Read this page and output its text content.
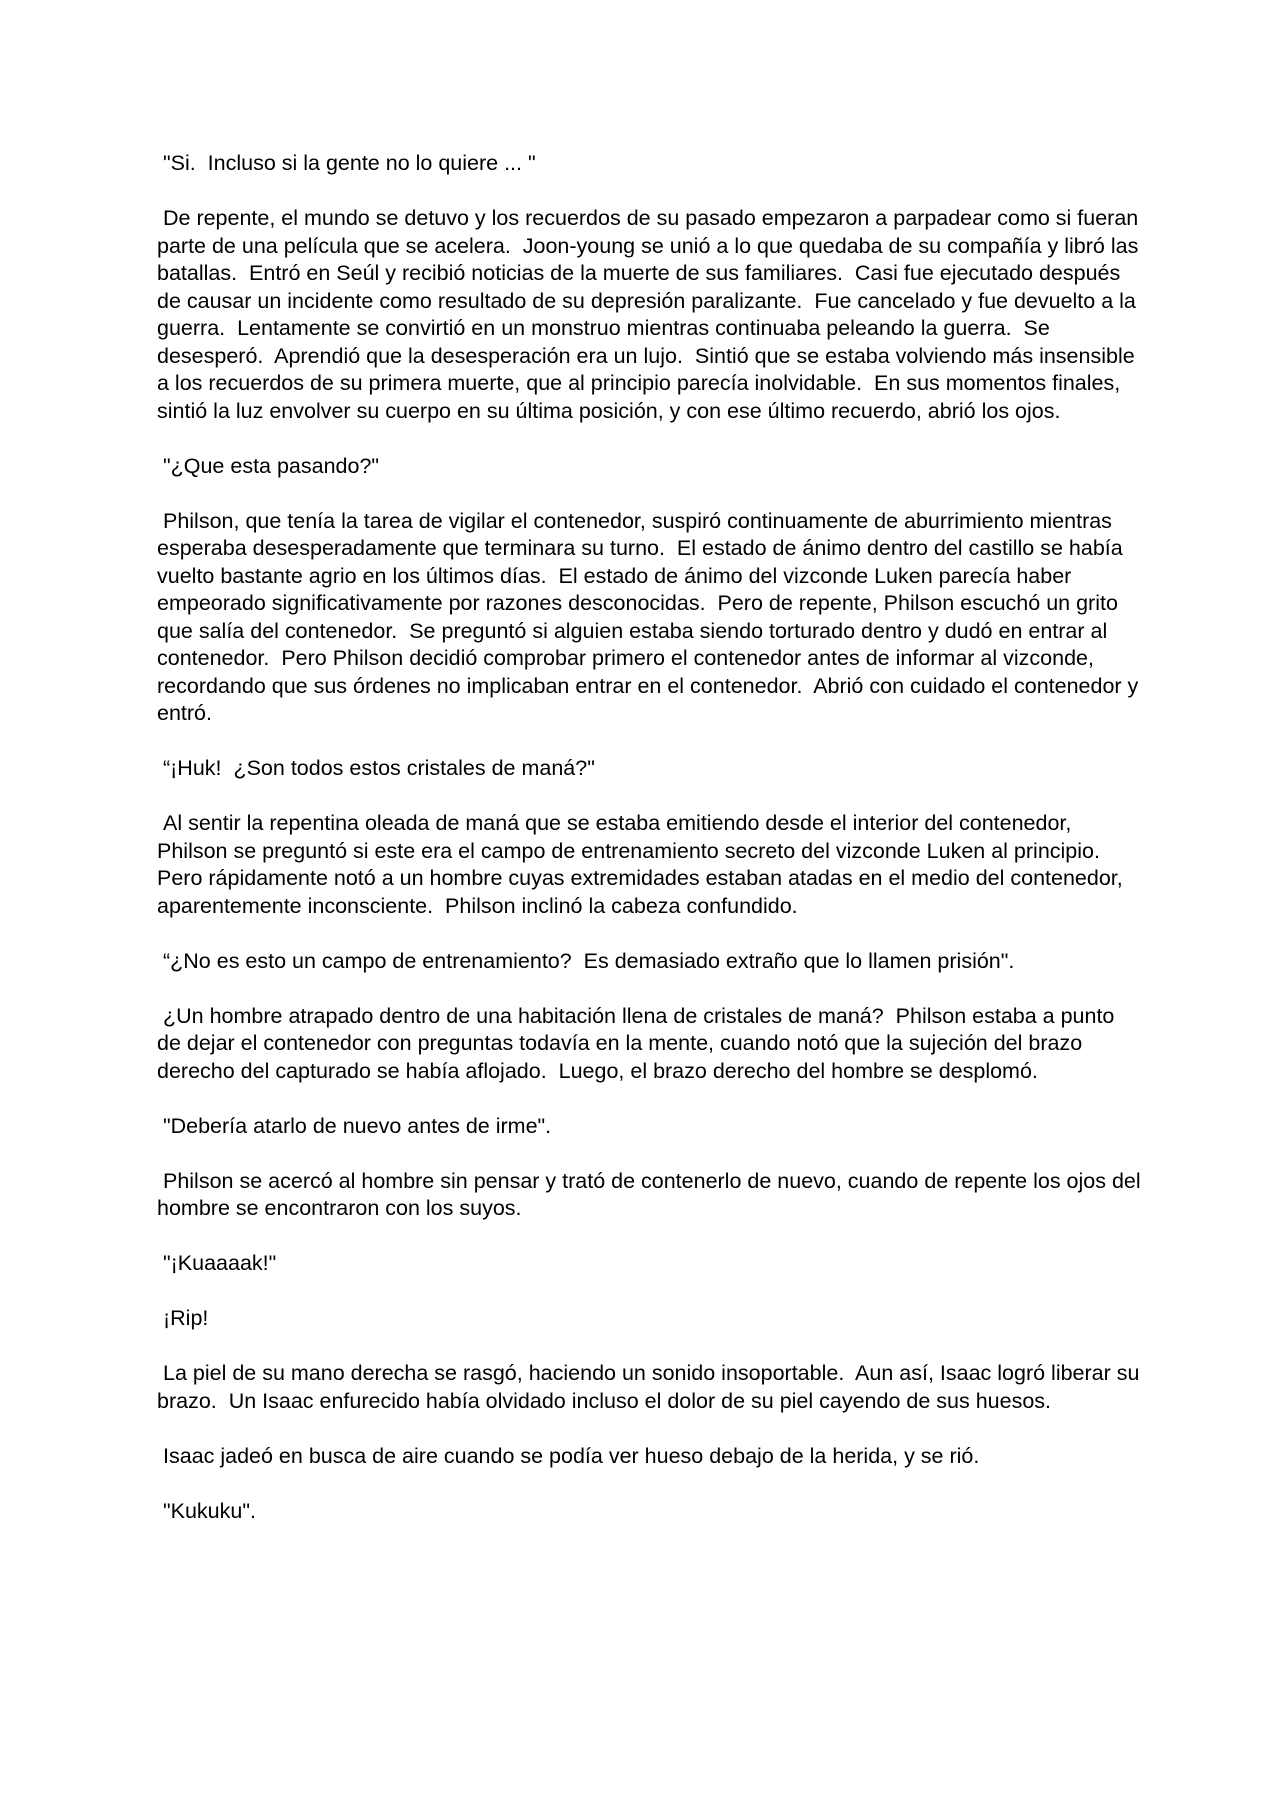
"Si.  Incluso si la gente no lo quiere ... "

De repente, el mundo se detuvo y los recuerdos de su pasado empezaron a parpadear como si fueran parte de una película que se acelera.  Joon-young se unió a lo que quedaba de su compañía y libró las batallas.  Entró en Seúl y recibió noticias de la muerte de sus familiares.  Casi fue ejecutado después de causar un incidente como resultado de su depresión paralizante.  Fue cancelado y fue devuelto a la guerra.  Lentamente se convirtió en un monstruo mientras continuaba peleando la guerra.  Se desesperó.  Aprendió que la desesperación era un lujo.  Sintió que se estaba volviendo más insensible a los recuerdos de su primera muerte, que al principio parecía inolvidable.  En sus momentos finales, sintió la luz envolver su cuerpo en su última posición, y con ese último recuerdo, abrió los ojos.

"¿Que esta pasando?"

Philson, que tenía la tarea de vigilar el contenedor, suspiró continuamente de aburrimiento mientras esperaba desesperadamente que terminara su turno.  El estado de ánimo dentro del castillo se había vuelto bastante agrio en los últimos días.  El estado de ánimo del vizconde Luken parecía haber empeorado significativamente por razones desconocidas.  Pero de repente, Philson escuchó un grito que salía del contenedor.  Se preguntó si alguien estaba siendo torturado dentro y dudó en entrar al contenedor.  Pero Philson decidió comprobar primero el contenedor antes de informar al vizconde, recordando que sus órdenes no implicaban entrar en el contenedor.  Abrió con cuidado el contenedor y entró.

“¡Huk!  ¿Son todos estos cristales de maná?"

Al sentir la repentina oleada de maná que se estaba emitiendo desde el interior del contenedor, Philson se preguntó si este era el campo de entrenamiento secreto del vizconde Luken al principio.  Pero rápidamente notó a un hombre cuyas extremidades estaban atadas en el medio del contenedor, aparentemente inconsciente.  Philson inclinó la cabeza confundido.

“¿No es esto un campo de entrenamiento?  Es demasiado extraño que lo llamen prisión".

¿Un hombre atrapado dentro de una habitación llena de cristales de maná?  Philson estaba a punto de dejar el contenedor con preguntas todavía en la mente, cuando notó que la sujeción del brazo derecho del capturado se había aflojado.  Luego, el brazo derecho del hombre se desplomó.

"Debería atarlo de nuevo antes de irme".

Philson se acercó al hombre sin pensar y trató de contenerlo de nuevo, cuando de repente los ojos del hombre se encontraron con los suyos.

"¡Kuaaaak!"

¡Rip!

La piel de su mano derecha se rasgó, haciendo un sonido insoportable.  Aun así, Isaac logró liberar su brazo.  Un Isaac enfurecido había olvidado incluso el dolor de su piel cayendo de sus huesos.

Isaac jadeó en busca de aire cuando se podía ver hueso debajo de la herida, y se rió.

"Kukuku".
